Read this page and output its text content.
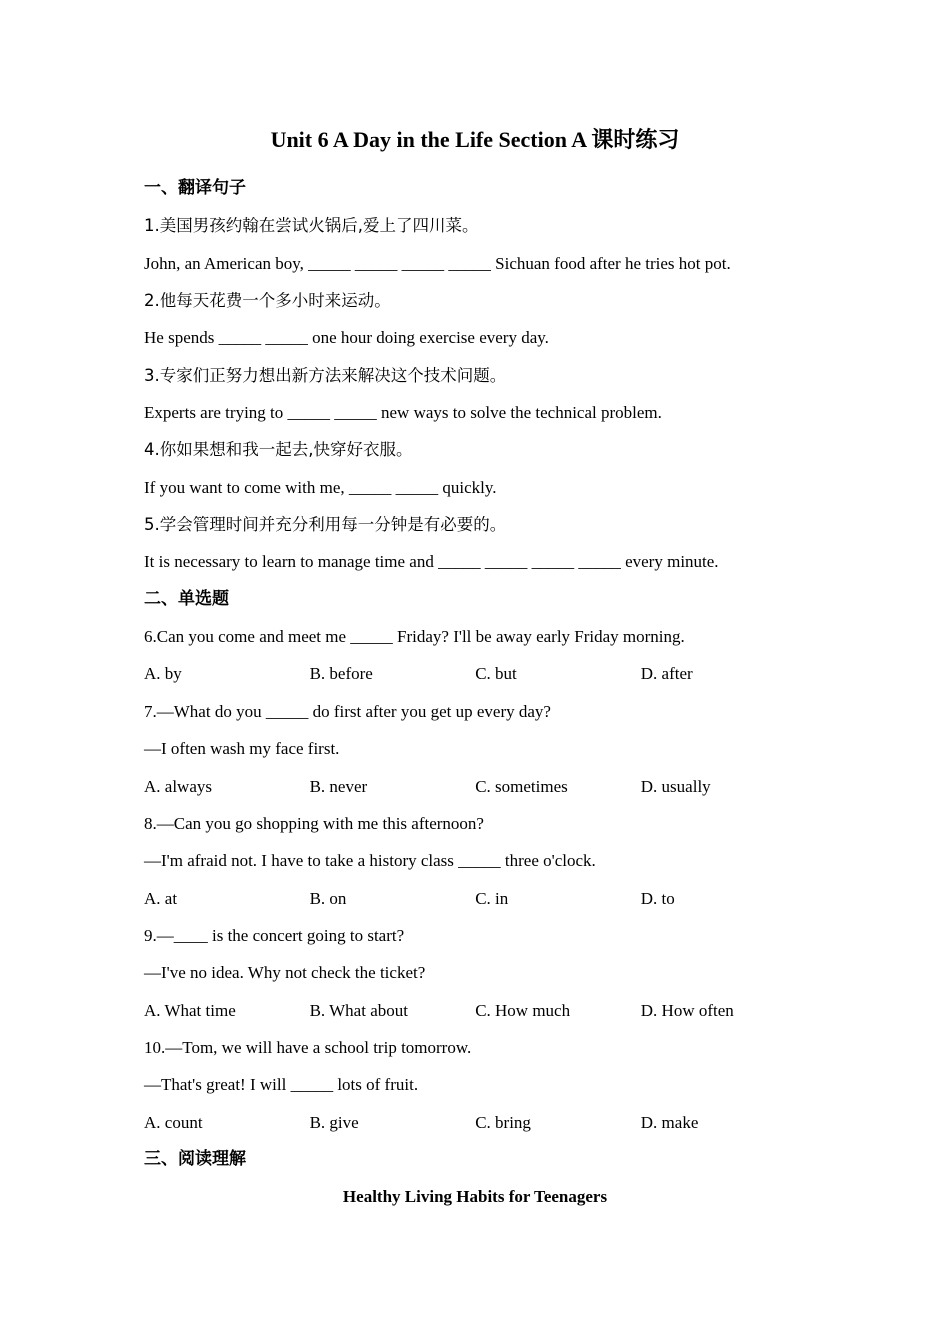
Unit 6 A Day in the Life Section A 课时练习
一、翻译句子
1.美国男孩约翰在尝试火锅后,爱上了四川菜。
John, an American boy, _____ _____ _____ _____ Sichuan food after he tries hot pot.
2.他每天花费一个多小时来运动。
He spends _____ _____ one hour doing exercise every day.
3.专家们正努力想出新方法来解决这个技术问题。
Experts are trying to _____ _____ new ways to solve the technical problem.
4.你如果想和我一起去,快穿好衣服。
If you want to come with me, _____ _____ quickly.
5.学会管理时间并充分利用每一分钟是有必要的。
It is necessary to learn to manage time and _____ _____ _____ _____ every minute.
二、单选题
6.Can you come and meet me _____ Friday? I'll be away early Friday morning.
A. by	B. before	C. but	D. after
7.—What do you _____ do first after you get up every day?
—I often wash my face first.
A. always	B. never	C. sometimes	D. usually
8.—Can you go shopping with me this afternoon?
—I'm afraid not. I have to take a history class _____ three o'clock.
A. at	B. on	C. in	D. to
9.—____ is the concert going to start?
—I've no idea. Why not check the ticket?
A. What time	B. What about	C. How much	D. How often
10.—Tom, we will have a school trip tomorrow.
—That's great! I will _____ lots of fruit.
A. count	B. give	C. bring	D. make
三、阅读理解
Healthy Living Habits for Teenagers
